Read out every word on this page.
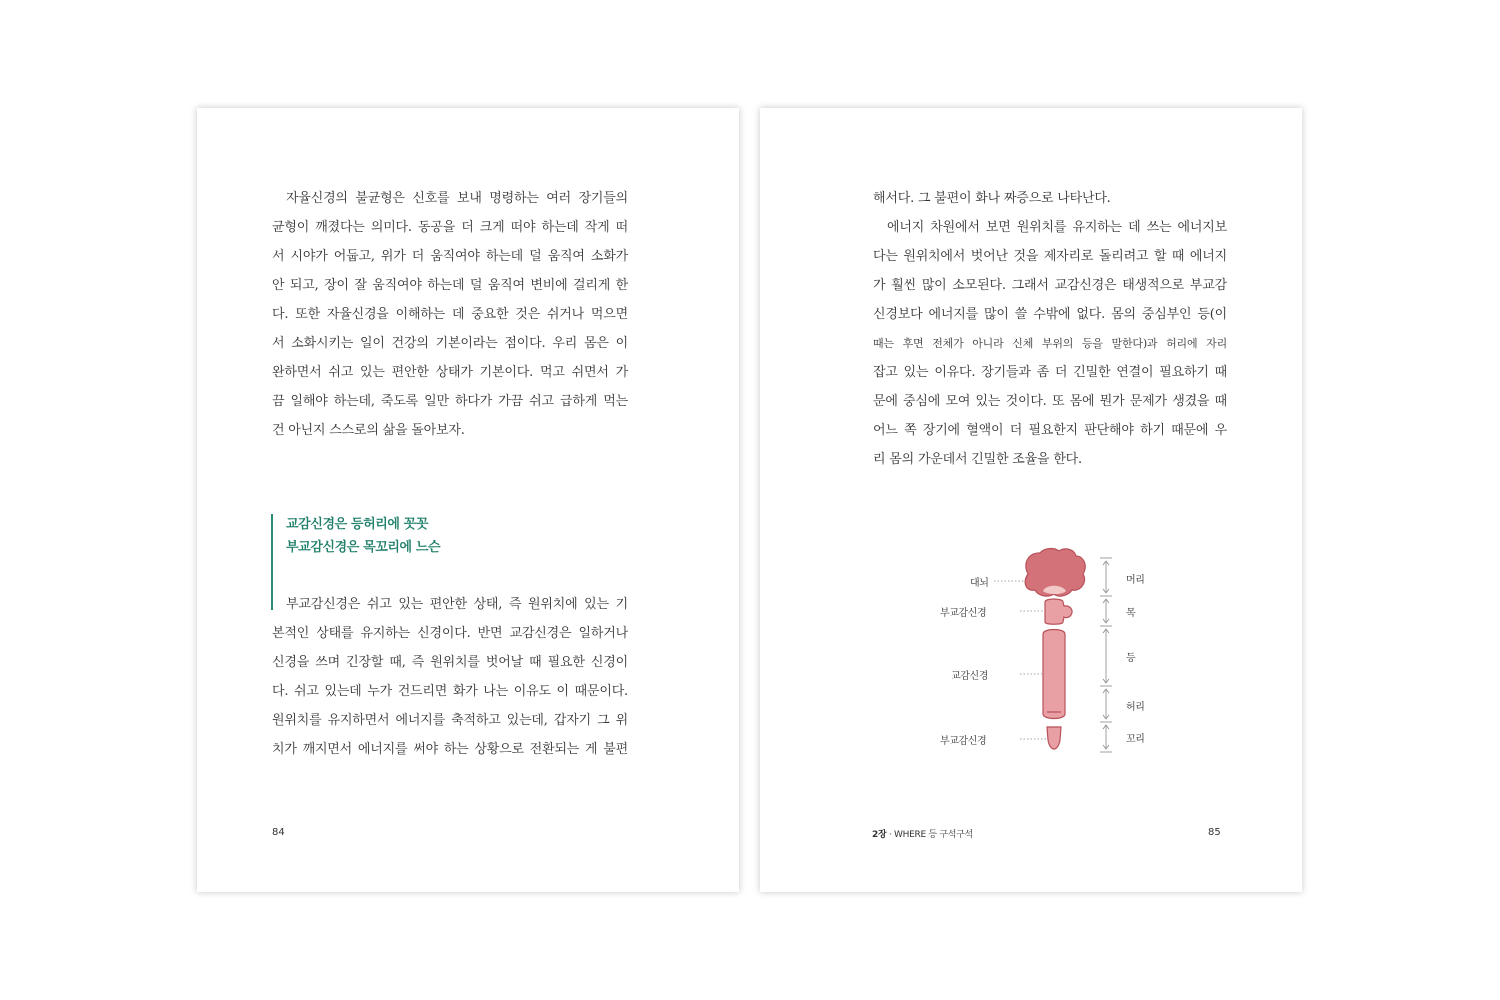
자율신경의 불균형은 신호를 보내 명령하는 여러 장기들의
균형이 깨졌다는 의미다. 동공을 더 크게 떠야 하는데 작게 떠
서 시야가 어둡고, 위가 더 움직여야 하는데 덜 움직여 소화가
안 되고, 장이 잘 움직여야 하는데 덜 움직여 변비에 걸리게 한
다. 또한 자율신경을 이해하는 데 중요한 것은 쉬거나 먹으면
서 소화시키는 일이 건강의 기본이라는 점이다. 우리 몸은 이
완하면서 쉬고 있는 편안한 상태가 기본이다. 먹고 쉬면서 가
끔 일해야 하는데, 죽도록 일만 하다가 가끔 쉬고 급하게 먹는
건 아닌지 스스로의 삶을 돌아보자.
교감신경은 등허리에 꼿꼿
부교감신경은 목꼬리에 느슨
부교감신경은 쉬고 있는 편안한 상태, 즉 원위치에 있는 기
본적인 상태를 유지하는 신경이다. 반면 교감신경은 일하거나
신경을 쓰며 긴장할 때, 즉 원위치를 벗어날 때 필요한 신경이
다. 쉬고 있는데 누가 건드리면 화가 나는 이유도 이 때문이다.
원위치를 유지하면서 에너지를 축적하고 있는데, 갑자기 그 위
치가 깨지면서 에너지를 써야 하는 상황으로 전환되는 게 불편
84
해서다. 그 불편이 화나 짜증으로 나타난다.
에너지 차원에서 보면 원위치를 유지하는 데 쓰는 에너지보
다는 원위치에서 벗어난 것을 제자리로 돌리려고 할 때 에너지
가 훨씬 많이 소모된다. 그래서 교감신경은 태생적으로 부교감
신경보다 에너지를 많이 쓸 수밖에 없다. 몸의 중심부인 등(이
때는 후면 전체가 아니라 신체 부위의 등을 말한다)과 허리에 자리
잡고 있는 이유다. 장기들과 좀 더 긴밀한 연결이 필요하기 때
문에 중심에 모여 있는 것이다. 또 몸에 뭔가 문제가 생겼을 때
어느 쪽 장기에 혈액이 더 필요한지 판단해야 하기 때문에 우
리 몸의 가운데서 긴밀한 조율을 한다.
대뇌
부교감신경
교감신경
부교감신경
머리
목
등
허리
꼬리
2장 · WHERE 등 구석구석	85
